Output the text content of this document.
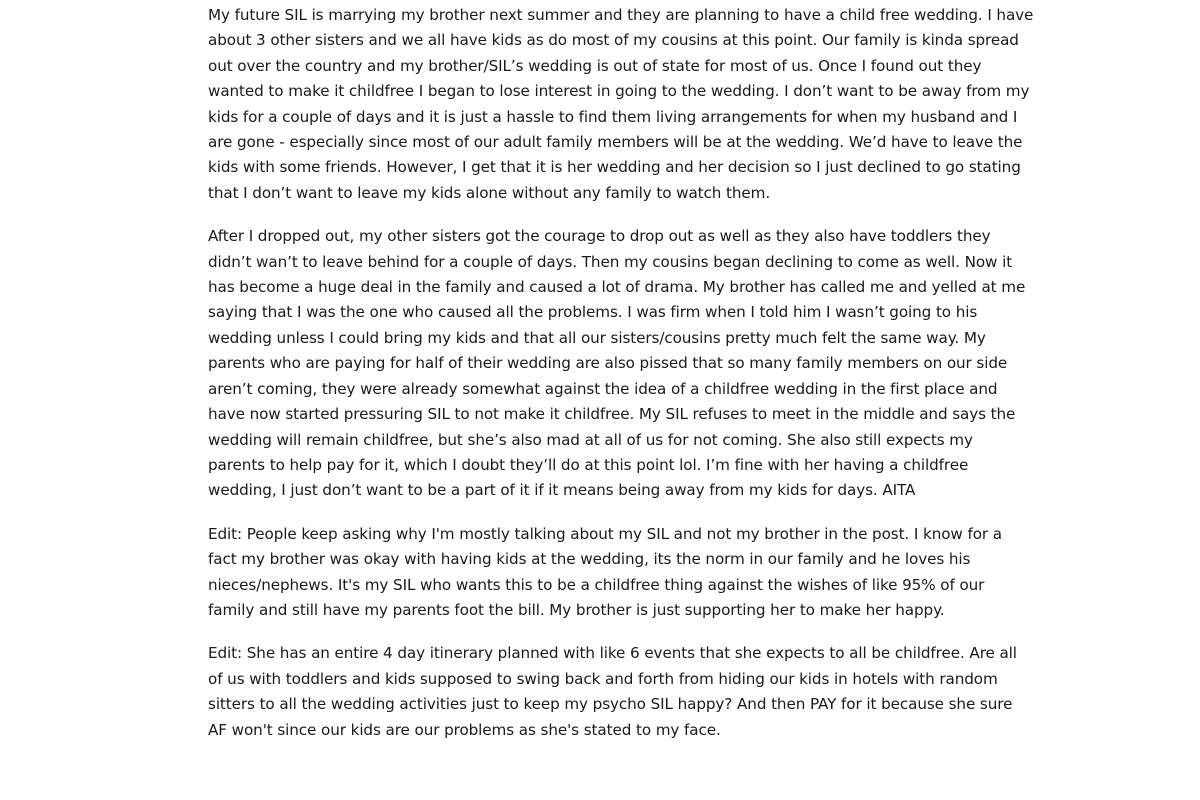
My future SIL is marrying my brother next summer and they are planning to have a child free wedding. I have about 3 other sisters and we all have kids as do most of my cousins at this point. Our family is kinda spread out over the country and my brother/SIL’s wedding is out of state for most of us. Once I found out they wanted to make it childfree I began to lose interest in going to the wedding. I don’t want to be away from my kids for a couple of days and it is just a hassle to find them living arrangements for when my husband and I are gone - especially since most of our adult family members will be at the wedding. We’d have to leave the kids with some friends. However, I get that it is her wedding and her decision so I just declined to go stating that I don’t want to leave my kids alone without any family to watch them.

After I dropped out, my other sisters got the courage to drop out as well as they also have toddlers they didn’t wan’t to leave behind for a couple of days. Then my cousins began declining to come as well. Now it has become a huge deal in the family and caused a lot of drama. My brother has called me and yelled at me saying that I was the one who caused all the problems. I was firm when I told him I wasn’t going to his wedding unless I could bring my kids and that all our sisters/cousins pretty much felt the same way. My parents who are paying for half of their wedding are also pissed that so many family members on our side aren’t coming, they were already somewhat against the idea of a childfree wedding in the first place and have now started pressuring SIL to not make it childfree. My SIL refuses to meet in the middle and says the wedding will remain childfree, but she’s also mad at all of us for not coming. She also still expects my parents to help pay for it, which I doubt they’ll do at this point lol. I’m fine with her having a childfree wedding, I just don’t want to be a part of it if it means being away from my kids for days. AITA

Edit: People keep asking why I'm mostly talking about my SIL and not my brother in the post. I know for a fact my brother was okay with having kids at the wedding, its the norm in our family and he loves his nieces/nephews. It's my SIL who wants this to be a childfree thing against the wishes of like 95% of our family and still have my parents foot the bill. My brother is just supporting her to make her happy.

Edit: She has an entire 4 day itinerary planned with like 6 events that she expects to all be childfree. Are all of us with toddlers and kids supposed to swing back and forth from hiding our kids in hotels with random sitters to all the wedding activities just to keep my psycho SIL happy? And then PAY for it because she sure AF won't since our kids are our problems as she's stated to my face.
